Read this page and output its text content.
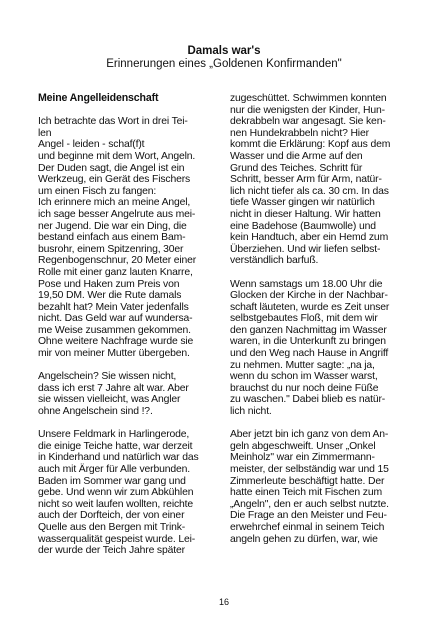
Damals war's
Erinnerungen eines „Goldenen Konfirmanden"

Meine Angelleidenschaft

Ich betrachte das Wort in drei Tei-
len
Angel - leiden - schaf(f)t
und beginne mit dem Wort, Angeln.
Der Duden sagt, die Angel ist ein
Werkzeug, ein Gerät des Fischers
um einen Fisch zu fangen:
Ich erinnere mich an meine Angel,
ich sage besser Angelrute aus mei-
ner Jugend. Die war ein Ding, die
bestand einfach aus einem Bam-
busrohr, einem Spitzenring, 30er
Regenbogenschnur, 20 Meter einer
Rolle mit einer ganz lauten Knarre,
Pose und Haken zum Preis von
19,50 DM. Wer die Rute damals
bezahlt hat? Mein Vater jedenfalls
nicht. Das Geld war auf wundersa-
me Weise zusammen gekommen.
Ohne weitere Nachfrage wurde sie
mir von meiner Mutter übergeben.

Angelschein? Sie wissen nicht,
dass ich erst 7 Jahre alt war. Aber
sie wissen vielleicht, was Angler
ohne Angelschein sind !?.

Unsere Feldmark in Harlingerode,
die einige Teiche hatte, war derzeit
in Kinderhand und natürlich war das
auch mit Ärger für Alle verbunden.
Baden im Sommer war gang und
gebe. Und wenn wir zum Abkühlen
nicht so weit laufen wollten, reichte
auch der Dorfteich, der von einer
Quelle aus den Bergen mit Trink-
wasserqualität gespeist wurde. Lei-
der wurde der Teich Jahre später

zugeschüttet. Schwimmen konnten
nur die wenigsten der Kinder, Hun-
dekrabbeln war angesagt. Sie ken-
nen Hundekrabbeln nicht? Hier
kommt die Erklärung: Kopf aus dem
Wasser und die Arme auf den
Grund des Teiches. Schritt für
Schritt, besser Arm für Arm, natür-
lich nicht tiefer als ca. 30 cm. In das
tiefe Wasser gingen wir natürlich
nicht in dieser Haltung. Wir hatten
eine Badehose (Baumwolle) und
kein Handtuch, aber ein Hemd zum
Überziehen. Und wir liefen selbst-
verständlich barfuß.

Wenn samstags um 18.00 Uhr die
Glocken der Kirche in der Nachbar-
schaft läuteten, wurde es Zeit unser
selbstgebautes Floß, mit dem wir
den ganzen Nachmittag im Wasser
waren, in die Unterkunft zu bringen
und den Weg nach Hause in Angriff
zu nehmen. Mutter sagte: „na ja,
wenn du schon im Wasser warst,
brauchst du nur noch deine Füße
zu waschen." Dabei blieb es natür-
lich nicht.

Aber jetzt bin ich ganz von dem An-
geln abgeschweift. Unser „Onkel
Meinholz" war ein Zimmermann-
meister, der selbständig war und 15
Zimmerleute beschäftigt hatte. Der
hatte einen Teich mit Fischen zum
„Angeln", den er auch selbst nutzte.
Die Frage an den Meister und Feu-
erwehrchef einmal in seinem Teich
angeln gehen zu dürfen, war, wie

16
